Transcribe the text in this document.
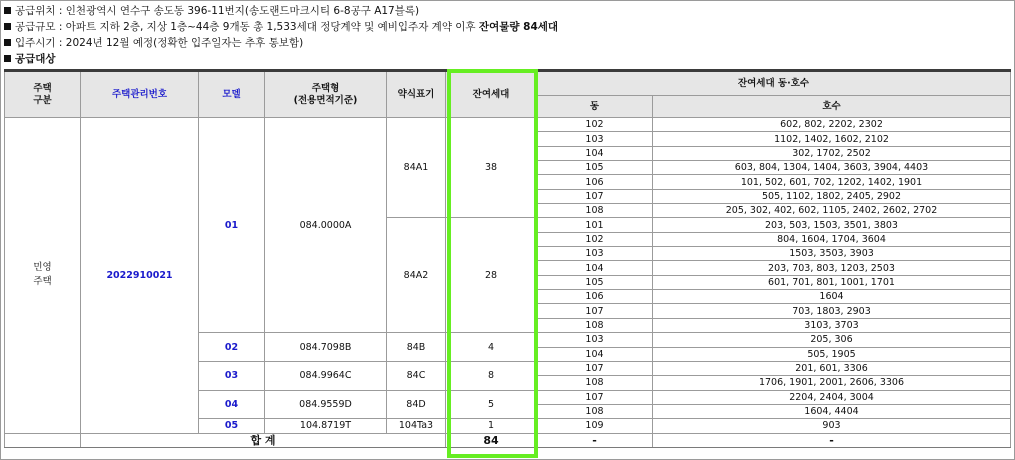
공급위치 : 인천광역시 연수구 송도동 396-11번지(송도랜드마크시티 6-8공구 A17블록)
공급규모 : 아파트 지하 2층, 지상 1층~44층 9개동 총 1,533세대 정당계약 및 예비입주자 계약 이후 잔여물량 84세대
입주시기 : 2024년 12월 예정(정확한 입주일자는 추후 통보함)
공급대상
주택
구분	주택관리번호	모델	주택형
(전용면적기준)	약식표기	잔여세대	잔여세대 동·호수	
						동	호수
민영
주택	2022910021	01	084.0000A	84A1	38	102	602, 802, 2202, 2302
						103	1102, 1402, 1602, 2102
						104	302, 1702, 2502
						105	603, 804, 1304, 1404, 3603, 3904, 4403
						106	101, 502, 601, 702, 1202, 1402, 1901
						107	505, 1102, 1802, 2405, 2902
						108	205, 302, 402, 602, 1105, 2402, 2602, 2702
				84A2	28	101	203, 503, 1503, 3501, 3803
						102	804, 1604, 1704, 3604
						103	1503, 3503, 3903
						104	203, 703, 803, 1203, 2503
						105	601, 701, 801, 1001, 1701
						106	1604
						107	703, 1803, 2903
						108	3103, 3703
		02	084.7098B	84B	4	103	205, 306
						104	505, 1905
		03	084.9964C	84C	8	107	201, 601, 3306
						108	1706, 1901, 2001, 2606, 3306
		04	084.9559D	84D	5	107	2204, 2404, 3004
						108	1604, 4404
		05	104.8719T	104Ta3	1	109	903
	합 계				84	-	-
